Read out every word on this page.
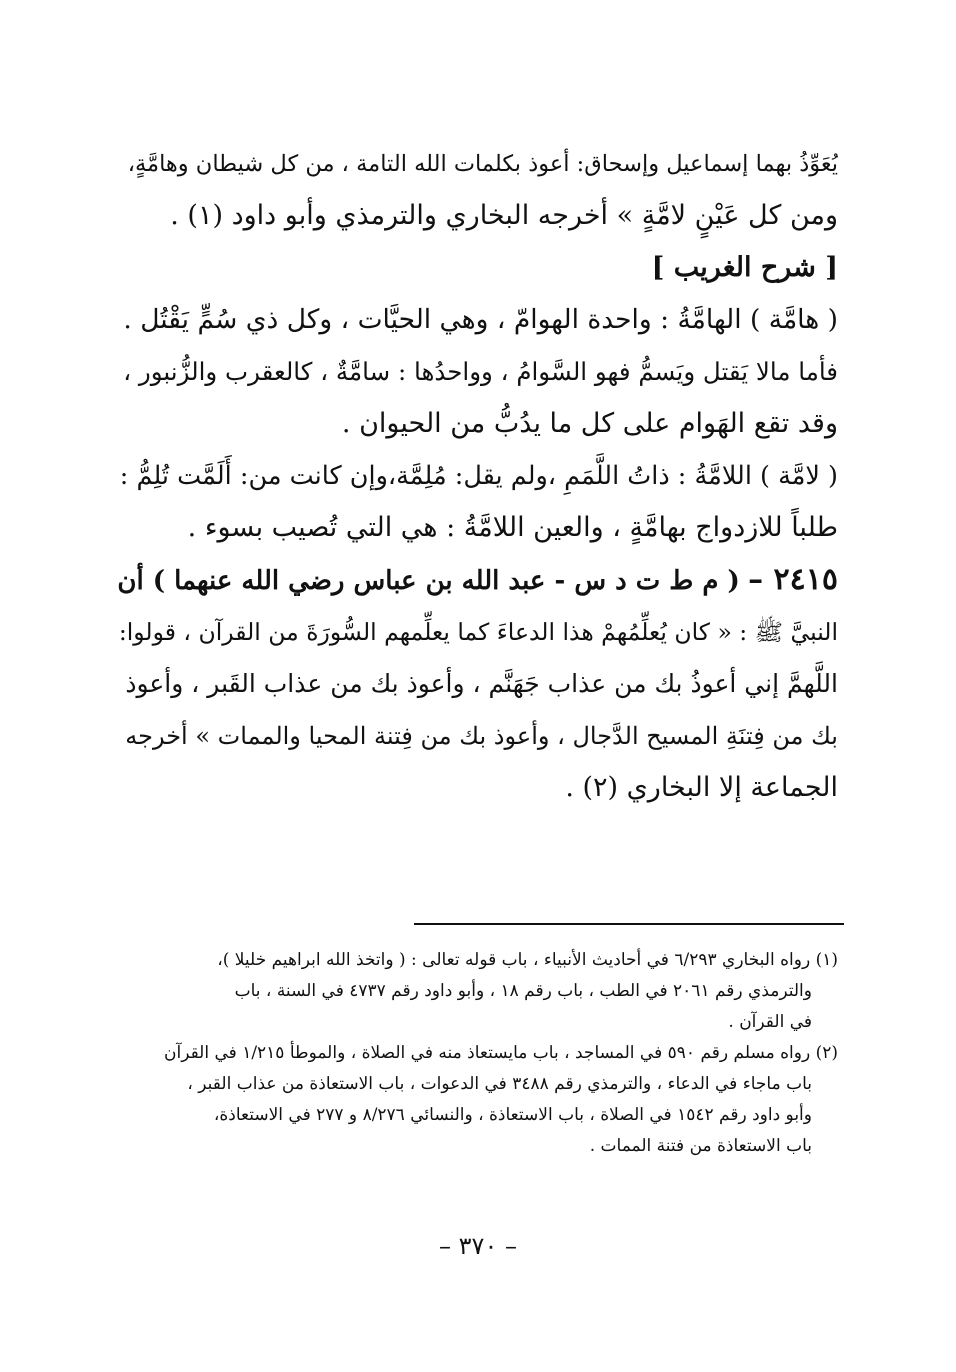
يُعَوِّذُ بهما إسماعيل وإسحاق: أعوذ بكلمات الله التامة ، من كل شيطان وهامَّةٍ،
ومن كل عَيْنٍ لامَّةٍ » أخرجه البخاري والترمذي وأبو داود (١) .
[ شرح الغريب ]
( هامَّة ) الهامَّةُ : واحدة الهوامّ ، وهي الحيَّات ، وكل ذي سُمٍّ يَقْتُل .
فأما مالا يَقتل ويَسمُّ فهو السَّوامُ ، وواحدُها : سامَّةٌ ، كالعقرب والزُّنبور ،
وقد تقع الهَوام على كل ما يدُبُّ من الحيوان .
( لامَّة ) اللامَّةُ : ذاتُ اللَّمَمِ ،ولم يقل: مُلِمَّة،وإن كانت من: أَلَمَّت تُلِمُّ :
طلباً للازدواج بهامَّةٍ ، والعين اللامَّةُ : هي التي تُصيب بسوء .
٢٤١٥ – ( م ط ت د س - عبد الله بن عباس رضي الله عنهما ) أن
النبيَّ ﷺ : « كان يُعلِّمُهمْ هذا الدعاءَ كما يعلِّمهم السُّورَةَ من القرآن ، قولوا:
اللَّهمَّ إني أعوذُ بك من عذاب جَهَنَّم ، وأعوذ بك من عذاب القَبر ، وأعوذ
بك من فِتنَةِ المسيح الدَّجال ، وأعوذ بك من فِتنة المحيا والممات » أخرجه
الجماعة إلا البخاري (٢) .
(١) رواه البخاري ٦/٢٩٣ في أحاديث الأنبياء ، باب قوله تعالى : ( واتخذ الله ابراهيم خليلا )،
والترمذي رقم ٢٠٦١ في الطب ، باب رقم ١٨ ، وأبو داود رقم ٤٧٣٧ في السنة ، باب
في القرآن .
(٢) رواه مسلم رقم ٥٩٠ في المساجد ، باب مايستعاذ منه في الصلاة ، والموطأ ١/٢١٥ في القرآن
باب ماجاء في الدعاء ، والترمذي رقم ٣٤٨٨ في الدعوات ، باب الاستعاذة من عذاب القبر ،
وأبو داود رقم ١٥٤٢ في الصلاة ، باب الاستعاذة ، والنسائي ٨/٢٧٦ و ٢٧٧ في الاستعاذة،
باب الاستعاذة من فتنة الممات .
– ٣٧٠ –
